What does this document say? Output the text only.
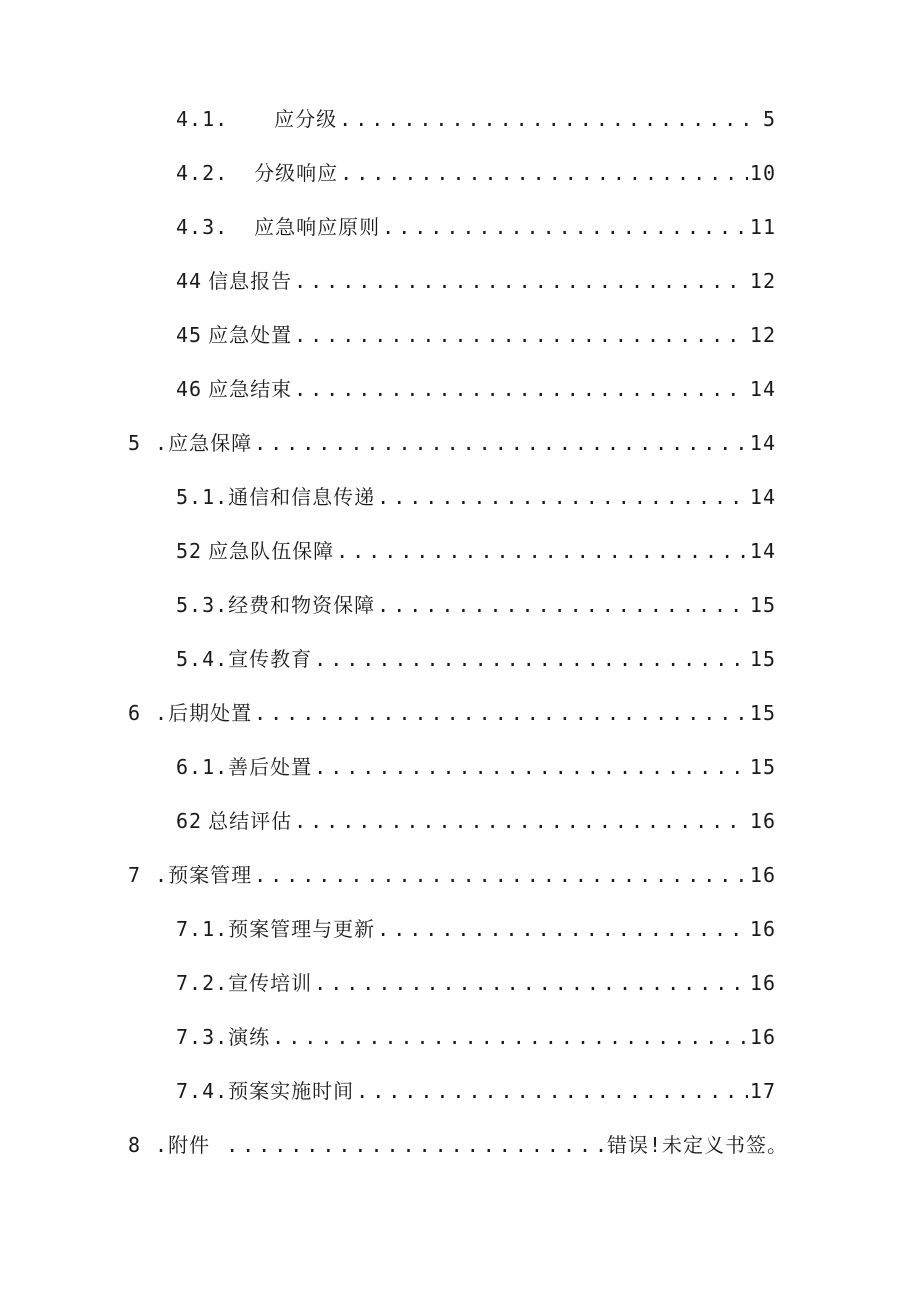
4.1. 应分级 .....	5
4.2. 分级响应 .....	10
4.3. 应急响应原则 .....	11
44 信息报告 .....	12
45 应急处置 .....	12
46 应急结束 .....	14
5 .应急保障 .....	14
5.1. 通信和信息传递 .....	14
52 应急队伍保障 .....	14
5.3. 经费和物资保障 .....	15
5.4. 宣传教育 .....	15
6 .后期处置 .....	15
6.1. 善后处置 .....	15
62 总结评估 .....	16
7 .预案管理 .....	16
7.1. 预案管理与更新 .....	16
7.2. 宣传培训 .....	16
7.3. 演练 .....	16
7.4. 预案实施时间 .....	17
8 .附件 .....	错误!未定义书签。
